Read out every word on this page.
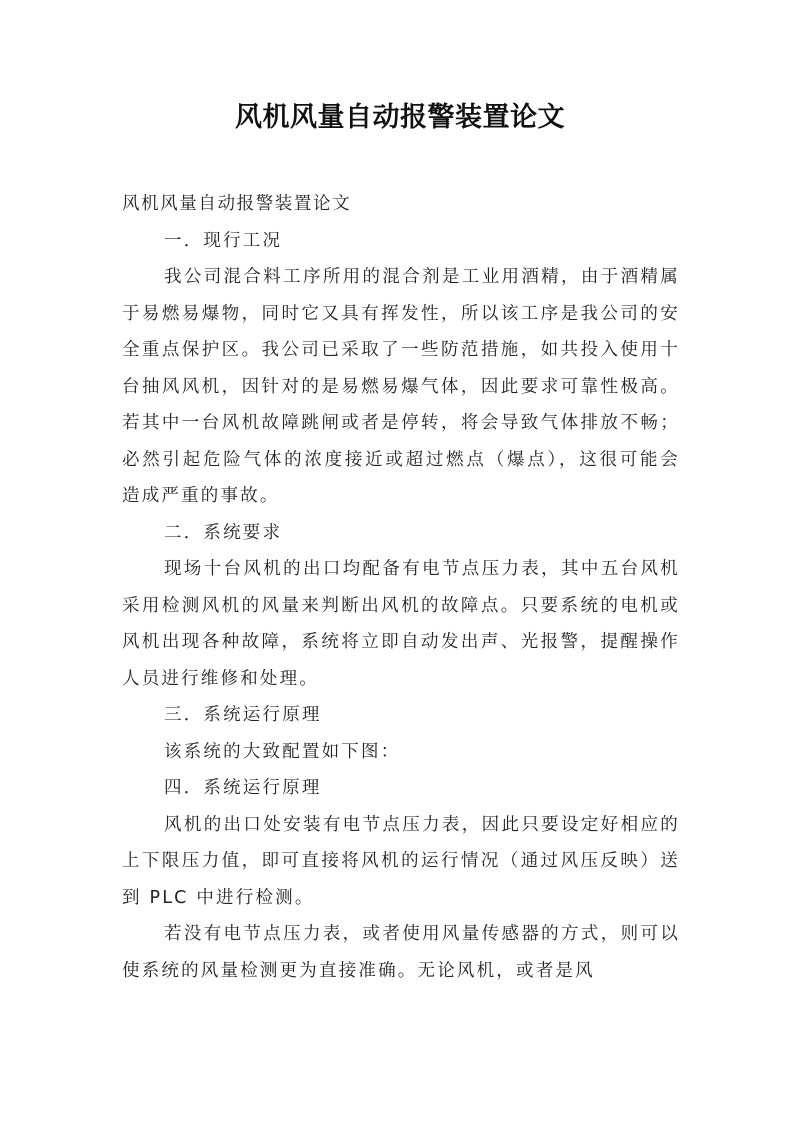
风机风量自动报警装置论文

风机风量自动报警装置论文

一．现行工况

我公司混合料工序所用的混合剂是工业用酒精，由于酒精属于易燃易爆物，同时它又具有挥发性，所以该工序是我公司的安全重点保护区。我公司已采取了一些防范措施，如共投入使用十台抽风风机，因针对的是易燃易爆气体，因此要求可靠性极高。若其中一台风机故障跳闸或者是停转，将会导致气体排放不畅；必然引起危险气体的浓度接近或超过燃点（爆点），这很可能会造成严重的事故。

二．系统要求

现场十台风机的出口均配备有电节点压力表，其中五台风机采用检测风机的风量来判断出风机的故障点。只要系统的电机或风机出现各种故障，系统将立即自动发出声、光报警，提醒操作人员进行维修和处理。

三．系统运行原理

该系统的大致配置如下图：

四．系统运行原理

风机的出口处安装有电节点压力表，因此只要设定好相应的上下限压力值，即可直接将风机的运行情况（通过风压反映）送到 PLC 中进行检测。

若没有电节点压力表，或者使用风量传感器的方式，则可以使系统的风量检测更为直接准确。无论风机，或者是风
